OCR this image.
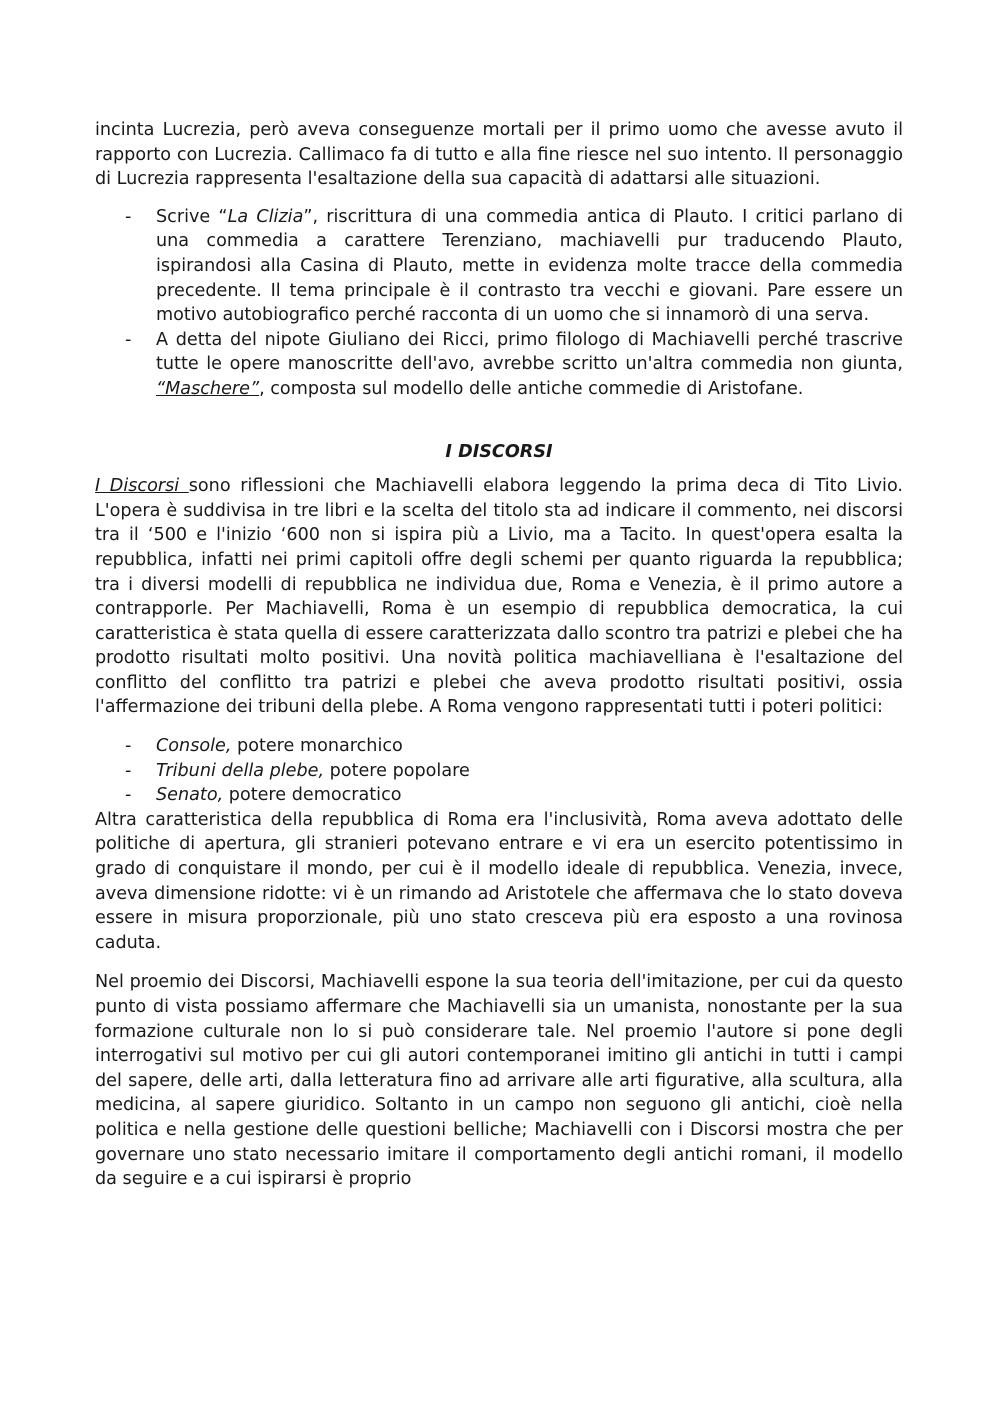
incinta Lucrezia, però aveva conseguenze mortali per il primo uomo che avesse avuto il rapporto con Lucrezia. Callimaco fa di tutto e alla fine riesce nel suo intento. Il personaggio di Lucrezia rappresenta l'esaltazione della sua capacità di adattarsi alle situazioni.

- Scrive “La Clizia”, riscrittura di una commedia antica di Plauto. I critici parlano di una commedia a carattere Terenziano, machiavelli pur traducendo Plauto, ispirandosi alla Casina di Plauto, mette in evidenza molte tracce della commedia precedente. Il tema principale è il contrasto tra vecchi e giovani. Pare essere un motivo autobiografico perché racconta di un uomo che si innamorò di una serva.
- A detta del nipote Giuliano dei Ricci, primo filologo di Machiavelli perché trascrive tutte le opere manoscritte dell'avo, avrebbe scritto un'altra commedia non giunta, “Maschere”, composta sul modello delle antiche commedie di Aristofane.
I DISCORSI

I Discorsi sono riflessioni che Machiavelli elabora leggendo la prima deca di Tito Livio. L'opera è suddivisa in tre libri e la scelta del titolo sta ad indicare il commento, nei discorsi tra il ‘500 e l'inizio ‘600 non si ispira più a Livio, ma a Tacito. In quest'opera esalta la repubblica, infatti nei primi capitoli offre degli schemi per quanto riguarda la repubblica; tra i diversi modelli di repubblica ne individua due, Roma e Venezia, è il primo autore a contrapporle. Per Machiavelli, Roma è un esempio di repubblica democratica, la cui caratteristica è stata quella di essere caratterizzata dallo scontro tra patrizi e plebei che ha prodotto risultati molto positivi. Una novità politica machiavelliana è l'esaltazione del conflitto del conflitto tra patrizi e plebei che aveva prodotto risultati positivi, ossia l'affermazione dei tribuni della plebe. A Roma vengono rappresentati tutti i poteri politici:

- Console, potere monarchico
- Tribuni della plebe, potere popolare
- Senato, potere democratico

Altra caratteristica della repubblica di Roma era l'inclusività, Roma aveva adottato delle politiche di apertura, gli stranieri potevano entrare e vi era un esercito potentissimo in grado di conquistare il mondo, per cui è il modello ideale di repubblica. Venezia, invece, aveva dimensione ridotte: vi è un rimando ad Aristotele che affermava che lo stato doveva essere in misura proporzionale, più uno stato cresceva più era esposto a una rovinosa caduta.

Nel proemio dei Discorsi, Machiavelli espone la sua teoria dell'imitazione, per cui da questo punto di vista possiamo affermare che Machiavelli sia un umanista, nonostante per la sua formazione culturale non lo si può considerare tale. Nel proemio l'autore si pone degli interrogativi sul motivo per cui gli autori contemporanei imitino gli antichi in tutti i campi del sapere, delle arti, dalla letteratura fino ad arrivare alle arti figurative, alla scultura, alla medicina, al sapere giuridico. Soltanto in un campo non seguono gli antichi, cioè nella politica e nella gestione delle questioni belliche; Machiavelli con i Discorsi mostra che per governare uno stato necessario imitare il comportamento degli antichi romani, il modello da seguire e a cui ispirarsi è proprio
